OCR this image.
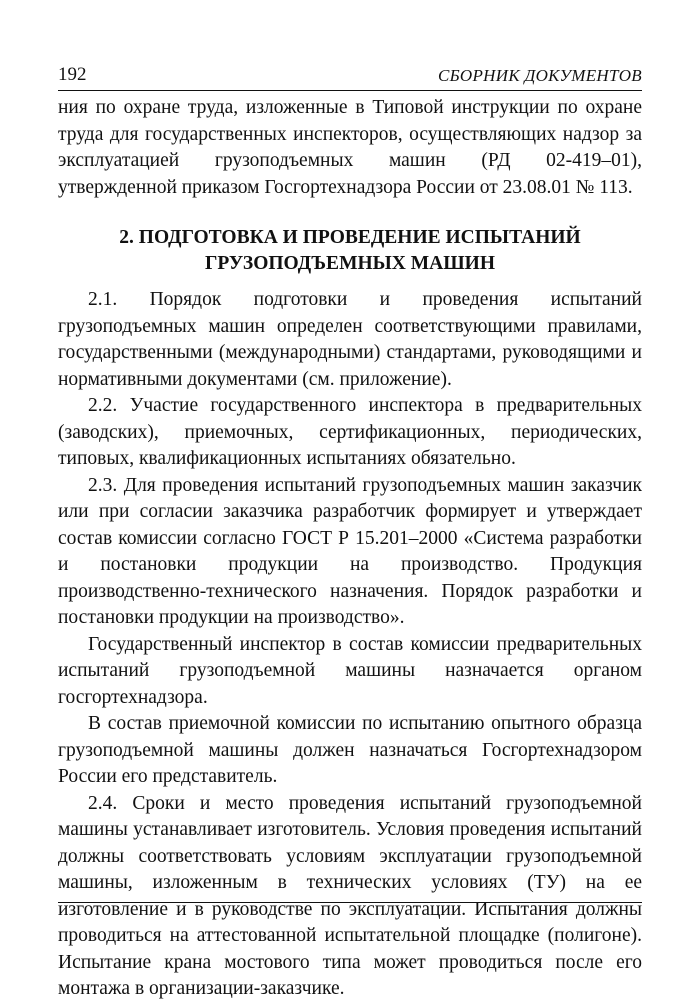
192	СБОРНИК ДОКУМЕНТОВ

ния по охране труда, изложенные в Типовой инструкции по охране труда для государственных инспекторов, осуществляющих надзор за эксплуатацией грузоподъемных машин (РД 02-419–01), утвержденной приказом Госгортехнадзора России от 23.08.01 № 113.

2. ПОДГОТОВКА И ПРОВЕДЕНИЕ ИСПЫТАНИЙ
ГРУЗОПОДЪЕМНЫХ МАШИН

2.1. Порядок подготовки и проведения испытаний грузоподъемных машин определен соответствующими правилами, государственными (международными) стандартами, руководящими и нормативными документами (см. приложение).

2.2. Участие государственного инспектора в предварительных (заводских), приемочных, сертификационных, периодических, типовых, квалификационных испытаниях обязательно.

2.3. Для проведения испытаний грузоподъемных машин заказчик или при согласии заказчика разработчик формирует и утверждает состав комиссии согласно ГОСТ Р 15.201–2000 «Система разработки и постановки продукции на производство. Продукция производственно-технического назначения. Порядок разработки и постановки продукции на производство».

Государственный инспектор в состав комиссии предварительных испытаний грузоподъемной машины назначается органом госгортехнадзора.

В состав приемочной комиссии по испытанию опытного образца грузоподъемной машины должен назначаться Госгортехнадзором России его представитель.

2.4. Сроки и место проведения испытаний грузоподъемной машины устанавливает изготовитель. Условия проведения испытаний должны соответствовать условиям эксплуатации грузоподъемной машины, изложенным в технических условиях (ТУ) на ее изготовление и в руководстве по эксплуатации. Испытания должны проводиться на аттестованной испытательной площадке (полигоне). Испытание крана мостового типа может проводиться после его монтажа в организации-заказчике.
